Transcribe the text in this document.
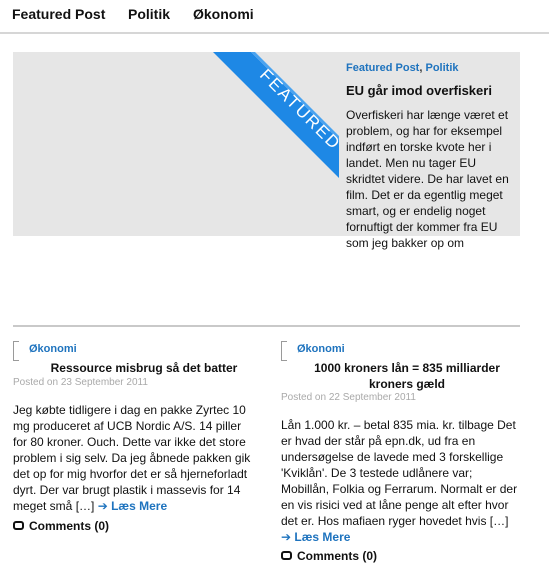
Featured Post Politik Økonomi
FEATURED Featured Post, Politik
EU går imod overfiskeri
Overfiskeri har længe været et problem, og har for eksempel indført en torske kvote her i landet. Men nu tager EU skridtet videre. De har lavet en film. Det er da egentlig meget smart, og er endelig noget fornuftigt der kommer fra EU som jeg bakker op om
Økonomi
Ressource misbrug så det batter
Posted on 23 September 2011
Jeg købte tidligere i dag en pakke Zyrtec 10 mg produceret af UCB Nordic A/S. 14 piller for 80 kroner. Ouch. Dette var ikke det store problem i sig selv. Da jeg åbnede pakken gik det op for mig hvorfor det er så hjerneforladt dyrt. Der var brugt plastik i massevis for 14 meget små […] ➔ Læs Mere
Comments (0)
Økonomi
1000 kroners lån = 835 milliarder kroners gæld
Posted on 22 September 2011
Lån 1.000 kr. – betal 835 mia. kr. tilbage Det er hvad der står på epn.dk, ud fra en undersøgelse de lavede med 3 forskellige 'Kviklån'. De 3 testede udlånere var; Mobillån, Folkia og Ferrarum. Normalt er der en vis risici ved at låne penge alt efter hvor det er. Hos mafiaen ryger hovedet hvis […] ➔ Læs Mere
Comments (0)
